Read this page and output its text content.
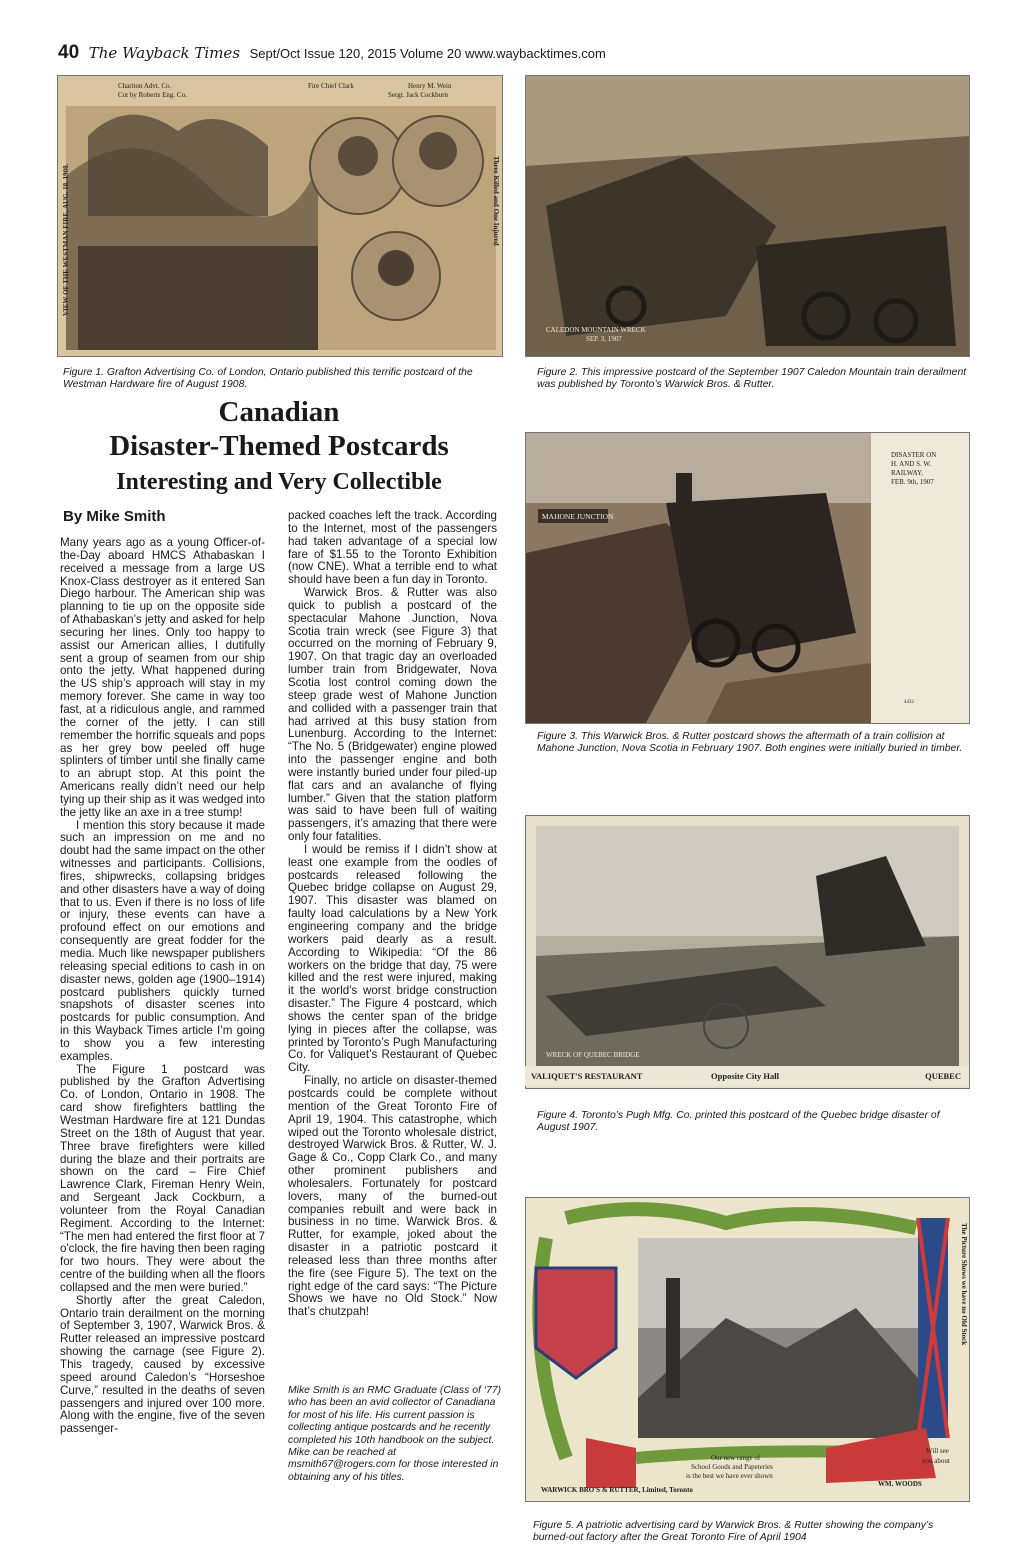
40 The Wayback Times Sept/Oct Issue 120, 2015 Volume 20 www.waybacktimes.com
Chariton Advt. Co.
Cut by Roberts Eng. Co.
Fire Chief Clark	Henry M. Wein
Sergt. Jack Cockburn
VIEW OF THE WESTMAN FIRE, AUG. 18, 1908.	Three Killed and One Injured
Figure 1. Grafton Advertising Co. of London, Ontario published this terrific postcard of the Westman Hardware fire of August 1908.
CALEDON MOUNTAIN WRECK
SEP. 3, 1907
Figure 2. This impressive postcard of the September 1907 Caledon Mountain train derailment was published by Toronto’s Warwick Bros. & Rutter.
Canadian
Disaster-Themed Postcards
Interesting and Very Collectible
By Mike Smith	MAHONE JUNCTION
DISASTER ON
H. AND S. W.
RAILWAY,
FEB. 9th, 1907
4432
Figure 3. This Warwick Bros. & Rutter postcard shows the aftermath of a train collision at Mahone Junction, Nova Scotia in February 1907. Both engines were initially buried in timber.
WRECK OF QUEBEC BRIDGE
VALIQUET'S RESTAURANT	Opposite City Hall	QUEBEC
Figure 4. Toronto’s Pugh Mfg. Co. printed this postcard of the Quebec bridge disaster of August 1907.
The Picture Shows we have no Old Stock
Our new range of
School Goods and Papeteries
is the best we have ever shown
WARWICK BRO'S & RUTTER, Limited, Toronto
Will see
you about
WM. WOODS
Figure 5. A patriotic advertising card by Warwick Bros. & Rutter showing the company’s burned-out factory after the Great Toronto Fire of April 1904

Many years ago as a young Officer-of-the-Day aboard HMCS Athabaskan I received a message from a large US Knox-Class destroyer as it entered San Diego harbour. The American ship was planning to tie up on the opposite side of Athabaskan’s jetty and asked for help securing her lines. Only too happy to assist our American allies, I dutifully sent a group of seamen from our ship onto the jetty. What happened during the US ship’s approach will stay in my memory forever. She came in way too fast, at a ridiculous angle, and rammed the corner of the jetty. I can still remember the horrific squeals and pops as her grey bow peeled off huge splinters of timber until she finally came to an abrupt stop. At this point the Americans really didn’t need our help tying up their ship as it was wedged into the jetty like an axe in a tree stump!

I mention this story because it made such an impression on me and no doubt had the same impact on the other witnesses and participants. Collisions, fires, shipwrecks, collapsing bridges and other disasters have a way of doing that to us. Even if there is no loss of life or injury, these events can have a profound effect on our emotions and consequently are great fodder for the media. Much like newspaper publishers releasing special editions to cash in on disaster news, golden age (1900–1914) postcard publishers quickly turned snapshots of disaster scenes into postcards for public consumption. And in this Wayback Times article I’m going to show you a few interesting examples.

The Figure 1 postcard was published by the Grafton Advertising Co. of London, Ontario in 1908. The card show firefighters battling the Westman Hardware fire at 121 Dundas Street on the 18th of August that year. Three brave firefighters were killed during the blaze and their portraits are shown on the card – Fire Chief Lawrence Clark, Fireman Henry Wein, and Sergeant Jack Cockburn, a volunteer from the Royal Canadian Regiment. According to the Internet: “The men had entered the first floor at 7 o'clock, the fire having then been raging for two hours. They were about the centre of the building when all the floors collapsed and the men were buried.”

Shortly after the great Caledon, Ontario train derailment on the morning of September 3, 1907, Warwick Bros. & Rutter released an impressive postcard showing the carnage (see Figure 2). This tragedy, caused by excessive speed around Caledon’s “Horseshoe Curve,” resulted in the deaths of seven passengers and injured over 100 more. Along with the engine, five of the seven passenger-

packed coaches left the track. According to the Internet, most of the passengers had taken advantage of a special low fare of $1.55 to the Toronto Exhibition (now CNE). What a terrible end to what should have been a fun day in Toronto.

Warwick Bros. & Rutter was also quick to publish a postcard of the spectacular Mahone Junction, Nova Scotia train wreck (see Figure 3) that occurred on the morning of February 9, 1907. On that tragic day an overloaded lumber train from Bridgewater, Nova Scotia lost control coming down the steep grade west of Mahone Junction and collided with a passenger train that had arrived at this busy station from Lunenburg. According to the Internet: “The No. 5 (Bridgewater) engine plowed into the passenger engine and both were instantly buried under four piled-up flat cars and an avalanche of flying lumber.” Given that the station platform was said to have been full of waiting passengers, it’s amazing that there were only four fatalities.

I would be remiss if I didn’t show at least one example from the oodles of postcards released following the Quebec bridge collapse on August 29, 1907. This disaster was blamed on faulty load calculations by a New York engineering company and the bridge workers paid dearly as a result. According to Wikipedia: “Of the 86 workers on the bridge that day, 75 were killed and the rest were injured, making it the world's worst bridge construction disaster.” The Figure 4 postcard, which shows the center span of the bridge lying in pieces after the collapse, was printed by Toronto’s Pugh Manufacturing Co. for Valiquet’s Restaurant of Quebec City.

Finally, no article on disaster-themed postcards could be complete without mention of the Great Toronto Fire of April 19, 1904. This catastrophe, which wiped out the Toronto wholesale district, destroyed Warwick Bros. & Rutter, W. J. Gage & Co., Copp Clark Co., and many other prominent publishers and wholesalers. Fortunately for postcard lovers, many of the burned-out companies rebuilt and were back in business in no time. Warwick Bros. & Rutter, for example, joked about the disaster in a patriotic postcard it released less than three months after the fire (see Figure 5). The text on the right edge of the card says: “The Picture Shows we have no Old Stock.” Now that’s chutzpah!

Mike Smith is an RMC Graduate (Class of ‘77) who has been an avid collector of Canadiana for most of his life. His current passion is collecting antique postcards and he recently completed his 10th handbook on the subject. Mike can be reached at msmith67@rogers.com for those interested in obtaining any of his titles.
